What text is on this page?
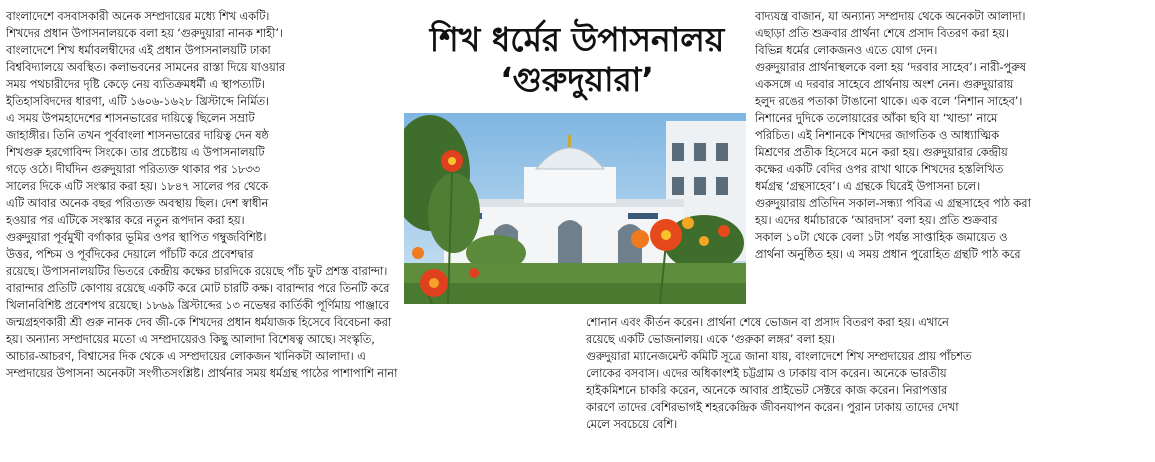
বাংলাদেশে বসবাসকারী অনেক সম্প্রদায়ের মধ্যে শিখ একটি।
শিখদের প্রধান উপাসনালয়কে বলা হয় ‘গুরুদুয়ারা নানক শাহী’।
বাংলাদেশে শিখ ধর্মাবলম্বীদের এই প্রধান উপাসনালয়টি ঢাকা
বিশ্ববিদ্যালয়ে অবস্থিত। কলাভবনের সামনের রাস্তা দিয়ে যাওয়ার
সময় পথচারীদের দৃষ্টি কেড়ে নেয় ব্যতিক্রমধর্মী এ স্থাপত্যটি।
ইতিহাসবিদদের ধারণা, এটি ১৬০৬-১৬২৮ খ্রিস্টাব্দে নির্মিত।
এ সময় উপমহাদেশের শাসনভারের দায়িত্বে ছিলেন সম্রাট
জাহাঙ্গীর। তিনি তখন পূর্ববাংলা শাসনভারের দায়িত্ব দেন ষষ্ঠ
শিখগুরু হরগোবিন্দ সিংকে। তার প্রচেষ্টায় এ উপাসনালয়টি
গড়ে ওঠে। দীর্ঘদিন গুরুদুয়ারা পরিত্যক্ত থাকার পর ১৮৩৩
সালের দিকে এটি সংস্কার করা হয়। ১৮৪৭ সালের পর থেকে
এটি আবার অনেক বছর পরিত্যক্ত অবস্থায় ছিল। দেশ স্বাধীন
হওয়ার পর এটিকে সংস্কার করে নতুন রূপদান করা হয়।
গুরুদুয়ারা পূর্বমুখী বর্গাকার ভূমির ওপর স্থাপিত গম্বুজবিশিষ্ট।
উত্তর, পশ্চিম ও পূর্বদিকের দেয়ালে পাঁচটি করে প্রবেশদ্বার
রয়েছে। উপাসনালয়টির ভিতরে কেন্দ্রীয় কক্ষের চারদিকে রয়েছে পাঁচ ফুট প্রশস্ত বারান্দা।
বারান্দার প্রতিটি কোণায় রয়েছে একটি করে মোট চারটি কক্ষ। বারান্দার পরে তিনটি করে
খিলানবিশিষ্ট প্রবেশপথ রয়েছে। ১৮৬৯ খ্রিস্টাব্দের ১৩ নভেম্বর কার্তিকী পূর্ণিমায় পাঞ্জাবে
জন্মগ্রহণকারী শ্রী গুরু নানক দেব জী-কে শিখদের প্রধান ধর্মযাজক হিসেবে বিবেচনা করা
হয়। অন্যান্য সম্প্রদায়ের মতো এ সম্প্রদায়েরও কিছু আলাদা বিশেষত্ব আছে। সংস্কৃতি,
আচার-আচরণ, বিশ্বাসের দিক থেকে এ সম্প্রদায়ের লোকজন খানিকটা আলাদা। এ
সম্প্রদায়ের উপাসনা অনেকটা সংগীতসংশ্লিষ্ট। প্রার্থনার সময় ধর্মগ্রন্থ পাঠের পাশাপাশি নানা
শিখ ধর্মের উপাসনালয়
‘গুরুদুয়ারা’
বাদ্যযন্ত্র বাজান, যা অন্যান্য সম্প্রদায় থেকে অনেকটা আলাদা।
এছাড়া প্রতি শুক্রবার প্রার্থনা শেষে প্রসাদ বিতরণ করা হয়।
বিভিন্ন ধর্মের লোকজনও এতে যোগ দেন।
গুরুদুয়ারার প্রার্থনাস্থলকে বলা হয় ‘দরবার সাহেব’। নারী-পুরুষ
একসঙ্গে এ দরবার সাহেবে প্রার্থনায় অংশ নেন। গুরুদুয়ারায়
হলুদ রঙের পতাকা টাঙানো থাকে। এক বলে ‘নিশান সাহেব’।
নিশানের দুদিকে তলোয়ারের আঁকা ছবি যা ‘খান্ডা’ নামে
পরিচিত। এই নিশানকে শিখদের জাগতিক ও আধ্যাত্মিক
মিশ্রণের প্রতীক হিসেবে মনে করা হয়। গুরুদুয়ারার কেন্দ্রীয়
কক্ষের একটি বেদির ওপর রাখা থাকে শিখদের হস্তলিখিত
ধর্মগ্রন্থ ‘গ্রন্থসাহেব’। এ গ্রন্থকে ঘিরেই উপাসনা চলে।
গুরুদুয়ারায় প্রতিদিন সকাল-সন্ধ্যা পবিত্র এ গ্রন্থসাহেব পাঠ করা
হয়। এদের ধর্মাচারকে ‘আরদাস’ বলা হয়। প্রতি শুক্রবার
সকাল ১০টা থেকে বেলা ১টা পর্যন্ত সাপ্তাহিক জমায়েত ও
প্রার্থনা অনুষ্ঠিত হয়। এ সময় প্রধান পুরোহিত গ্রন্থটি পাঠ করে
শোনান এবং কীর্তন করেন। প্রার্থনা শেষে ভোজন বা প্রসাদ বিতরণ করা হয়। এখানে
রয়েছে একটি ভোজনালয়। একে ‘গুরুকা লঙ্গর’ বলা হয়।
গুরুদুয়ারা ম্যানেজমেন্ট কমিটি সূত্রে জানা যায়, বাংলাদেশে শিখ সম্প্রদায়ের প্রায় পাঁচশত
লোকের বসবাস। এদের অধিকাংশই চট্টগ্রাম ও ঢাকায় বাস করেন। অনেকে ভারতীয়
হাইকমিশনে চাকরি করেন, অনেকে আবার প্রাইভেট সেক্টরে কাজ করেন। নিরাপত্তার
কারণে তাদের বেশিরভাগই শহরকেন্দ্রিক জীবনযাপন করেন। পুরান ঢাকায় তাদের দেখা
মেলে সবচেয়ে বেশি।
